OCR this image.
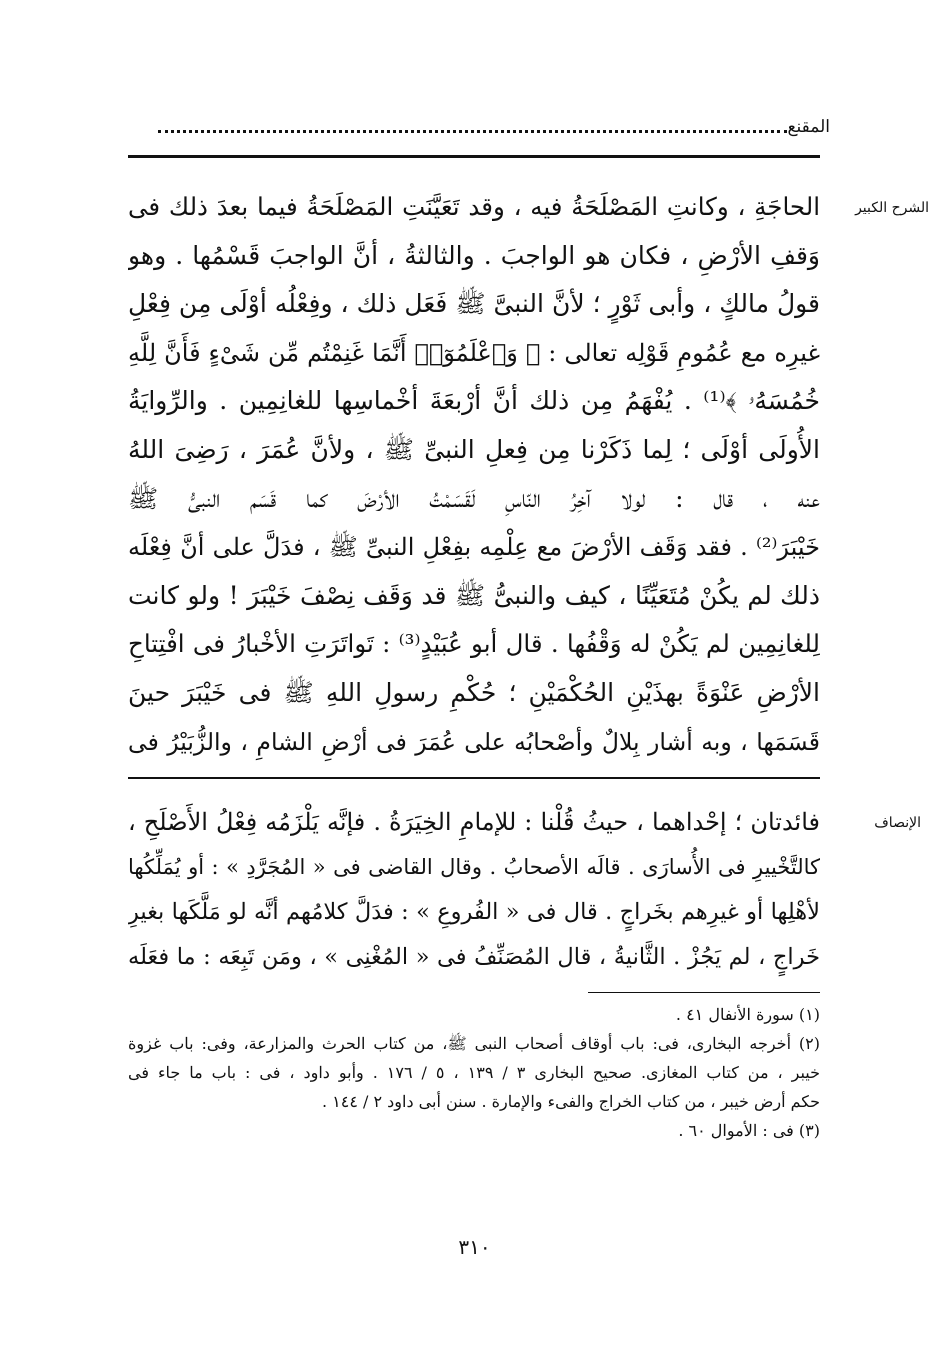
المقنع
الشرح الكبير
الحاجَةِ ، وكانتِ المَصْلَحَةُ فيه ، وقد تَعَيَّنَتِ المَصْلَحَةُ فيما بعدَ ذلك فى
وَقفِ الأرْضِ ، فكان هو الواجبَ . والثالثةُ ، أنَّ الواجبَ قَسْمُها . وهو
قولُ مالكٍ ، وأبى ثَوْرٍ ؛ لأنَّ النبىَّ ﷺ فَعَل ذلك ، وفِعْلُه أوْلَى مِن فِعْلِ
غيرِه مع عُمُومِ قَوْلِه تعالى : ﴿ وَٱعْلَمُوٓا۟ أَنَّمَا غَنِمْتُم مِّن شَىْءٍ فَأَنَّ لِلَّهِ
خُمُسَهُۥ ﴾⁽¹⁾ . يُفْهَمُ مِن ذلك أنَّ أرْبعَةَ أخْماسِها للغانِمِين . والرِّوايَةُ
الأُولَى أوْلَى ؛ لِما ذَكَرْنا مِن فِعلِ النبىِّ ﷺ ، ولأنَّ عُمَرَ ، رَضِىَ اللهُ
عنه ، قال : لولا آخِرُ النّاسِ لَقَسَمْتُ الأرْضَ كما قَسَم النبىُّ ﷺ
خَيْبَرَ⁽²⁾ . فقد وَقَف الأرْضَ مع عِلْمِه بفِعْلِ النبىِّ ﷺ ، فدَلَّ على أنَّ فِعْلَه
ذلك لم يكُنْ مُتَعَيِّنًا ، كيف والنبىُّ ﷺ قد وَقَف نِصْفَ خَيْبَرَ ! ولو كانت
لِلغانِمِين لم يَكُنْ له وَقْفُها . قال أبو عُبَيْدٍ⁽³⁾ : تَواتَرَتِ الأخْبارُ فى افْتِتاحِ
الأرْضِ عَنْوَةً بهذَيْنِ الحُكْمَيْنِ ؛ حُكْمِ رسولِ اللهِ ﷺ فى خَيْبَرَ حينَ
قَسَمَها ، وبه أشار بِلالٌ وأصْحابُه على عُمَرَ فى أرْضِ الشامِ ، والزُّبَيْرُ فى
الإنصاف
فائدتان ؛ إحْداهما ، حيثُ قُلْنا : للإمامِ الخِيَرَةُ . فإنَّه يَلْزَمُه فِعْلُ الأَصْلَحِ ،
كالتَّخْييرِ فى الأُسارَى . قالَه الأصحابُ . وقال القاضى فى « المُجَرَّدِ » : أو يُمَلِّكُها
لأهْلِها أو غيرِهم بخَراجٍ . قال فى « الفُروعِ » : فدَلَّ كلامُهم أنَّه لو مَلَّكَها بغيرِ
خَراجٍ ، لم يَجُزْ . الثَّانيةُ ، قال المُصَنِّفُ فى « المُغْنِى » ، ومَن تَبِعَه : ما فعَلَه
(١) سورة الأنفال ٤١ .
(٢) أخرجه البخارى، فى: باب أوقاف أصحاب النبى ﷺ، من كتاب الحرث والمزارعة، وفى: باب غزوة
خيبر ، من كتاب المغازى. صحيح البخارى ٣ / ١٣٩ ، ٥ / ١٧٦ . وأبو داود ، فى : باب ما جاء فى
حكم أرض خيبر ، من كتاب الخراج والفىء والإمارة . سنن أبى داود ٢ / ١٤٤ .
(٣) فى : الأموال ٦٠ .
٣١٠
